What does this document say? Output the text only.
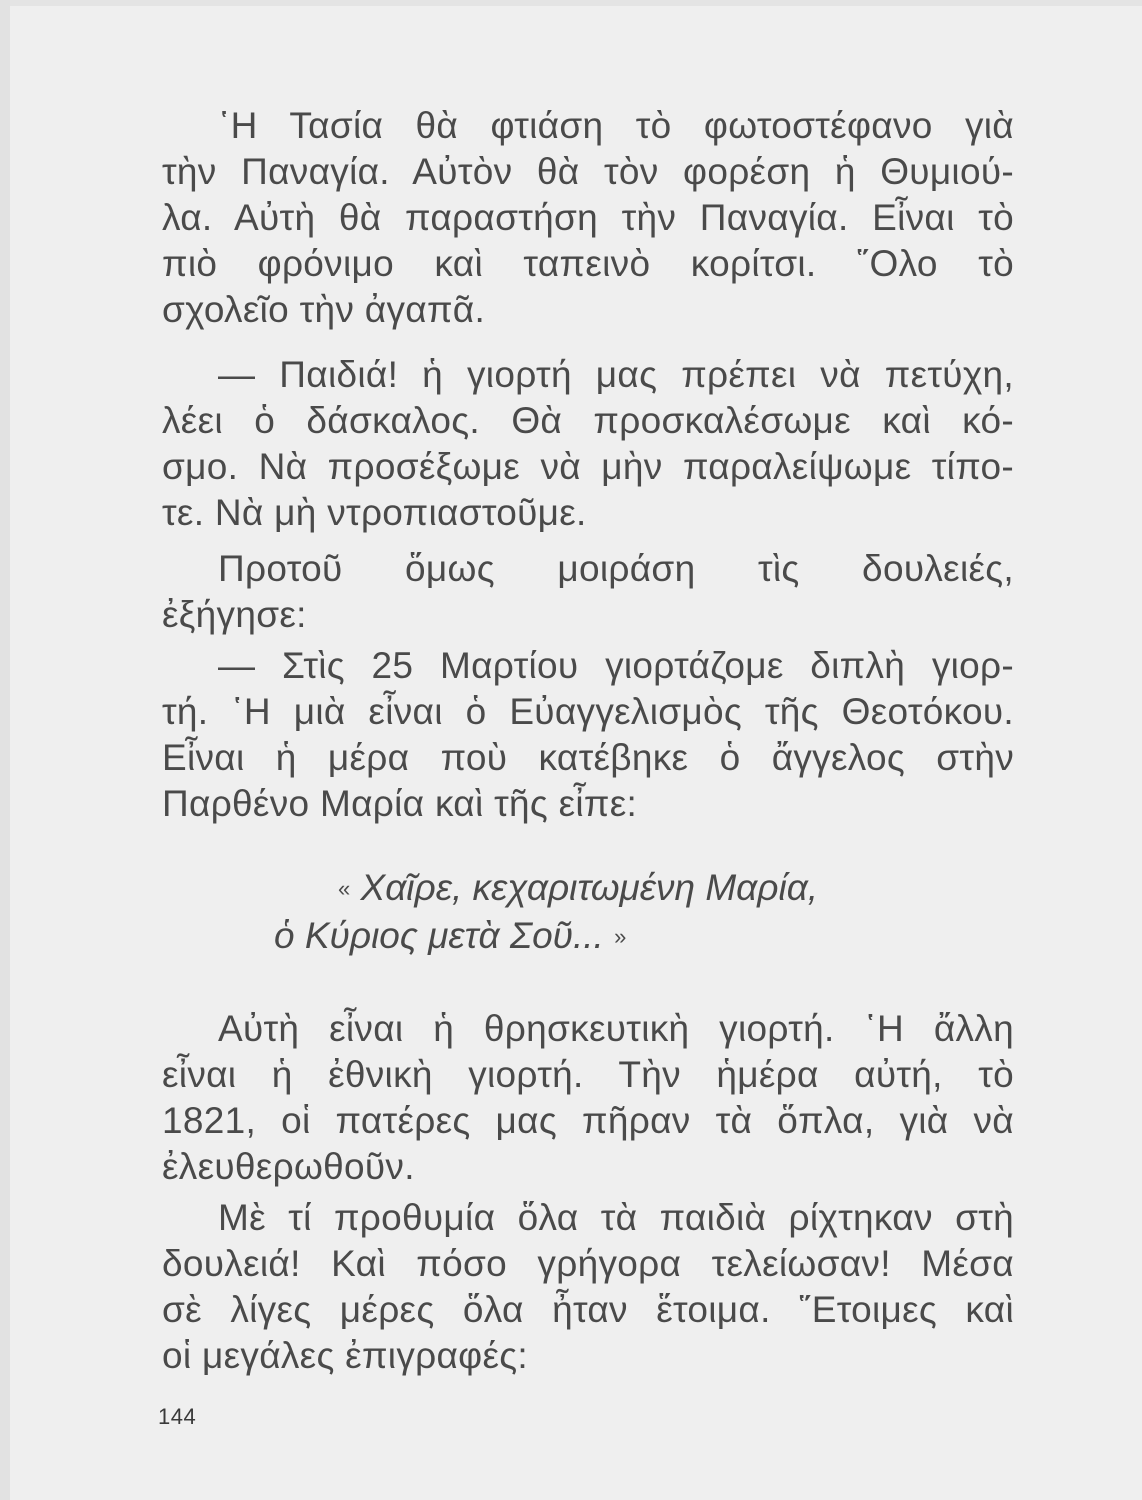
῾Η Τασία θὰ φτιάση τὸ φωτοστέφανο γιὰ
τὴν Παναγία. Αὐτὸν θὰ τὸν φορέση ἡ Θυμιού-
λα. Αὐτὴ θὰ παραστήση τὴν Παναγία. Εἶναι τὸ
πιὸ φρόνιμο καὶ ταπεινὸ κορίτσι. ῞Ολο τὸ
σχολεῖο τὴν ἀγαπᾶ.
— Παιδιά! ἡ γιορτή μας πρέπει νὰ πετύχη,
λέει ὁ δάσκαλος. Θὰ προσκαλέσωμε καὶ κό-
σμο. Νὰ προσέξωμε νὰ μὴν παραλείψωμε τίπο-
τε. Νὰ μὴ ντροπιαστοῦμε.
Προτοῦ ὅμως μοιράση τὶς δουλειές,
ἐξήγησε:
— Στὶς 25 Μαρτίου γιορτάζομε διπλὴ γιορ-
τή. ῾Η μιὰ εἶναι ὁ Εὐαγγελισμὸς τῆς Θεοτόκου.
Εἶναι ἡ μέρα ποὺ κατέβηκε ὁ ἄγγελος στὴν
Παρθένο Μαρία καὶ τῆς εἶπε:
« Χαῖρε, κεχαριτωμένη Μαρία,
ὁ Κύριος μετὰ Σοῦ... »
Αὐτὴ εἶναι ἡ θρησκευτικὴ γιορτή. ῾Η ἄλλη
εἶναι ἡ ἐθνικὴ γιορτή. Τὴν ἡμέρα αὐτή, τὸ
1821, οἱ πατέρες μας πῆραν τὰ ὅπλα, γιὰ νὰ
ἐλευθερωθοῦν.
Μὲ τί προθυμία ὅλα τὰ παιδιὰ ρίχτηκαν στὴ
δουλειά! Καὶ πόσο γρήγορα τελείωσαν! Μέσα
σὲ λίγες μέρες ὅλα ἦταν ἕτοιμα. ῞Ετοιμες καὶ
οἱ μεγάλες ἐπιγραφές:
144
